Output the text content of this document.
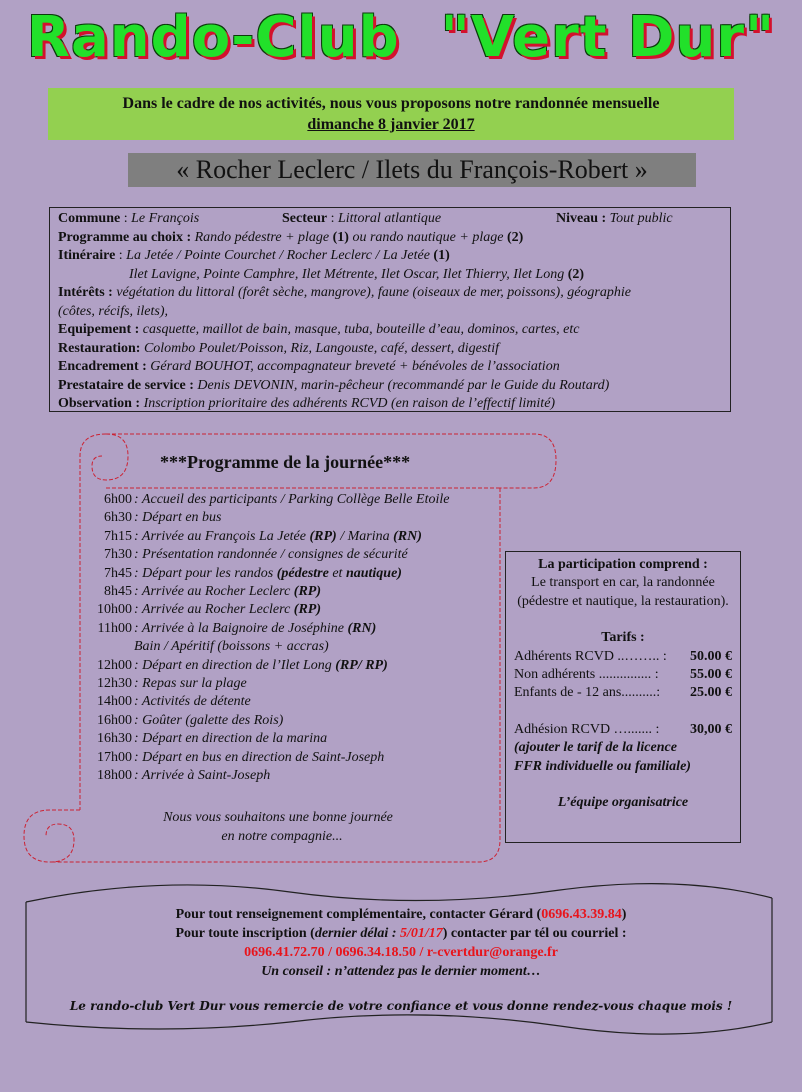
Rando-Club  "Vert Dur"
Dans le cadre de nos activités, nous vous proposons notre randonnée mensuelle
dimanche 8 janvier 2017
« Rocher Leclerc / Ilets du François-Robert »
Commune : Le François	Secteur : Littoral atlantique	Niveau : Tout public
Programme au choix : Rando pédestre + plage (1) ou rando nautique + plage (2)
Itinéraire : La Jetée / Pointe Courchet / Rocher Leclerc / La Jetée (1)
Ilet Lavigne, Pointe Camphre, Ilet Métrente, Ilet Oscar, Ilet Thierry, Ilet Long (2)
Intérêts : végétation du littoral (forêt sèche, mangrove), faune (oiseaux de mer, poissons), géographie
(côtes, récifs, ilets),
Equipement : casquette, maillot de bain, masque, tuba, bouteille d’eau, dominos, cartes, etc
Restauration: Colombo Poulet/Poisson, Riz, Langouste, café, dessert, digestif
Encadrement : Gérard BOUHOT, accompagnateur breveté + bénévoles de l’association
Prestataire de service : Denis DEVONIN, marin-pêcheur (recommandé par le Guide du Routard)
Observation : Inscription prioritaire des adhérents RCVD (en raison de l’effectif limité)
***Programme de la journée***
6h00 : Accueil des participants / Parking Collège Belle Etoile
6h30 : Départ en bus
7h15 : Arrivée au François La Jetée (RP) / Marina (RN)
7h30 : Présentation randonnée / consignes de sécurité
7h45 : Départ pour les randos (pédestre et nautique)
8h45 : Arrivée au Rocher Leclerc (RP)
10h00 : Arrivée au Rocher Leclerc (RP)
11h00 : Arrivée à la Baignoire de Joséphine (RN)
Bain / Apéritif (boissons + accras)
12h00 : Départ en direction de l’Ilet Long (RP/ RP)
12h30 : Repas sur la plage
14h00 : Activités de détente
16h00 : Goûter (galette des Rois)
16h30 : Départ en direction de la marina
17h00 : Départ en bus en direction de Saint-Joseph
18h00 : Arrivée à Saint-Joseph
Nous vous souhaitons une bonne journée
en notre compagnie...
La participation comprend :
Le transport en car, la randonnée (pédestre et nautique, la restauration).
Tarifs :
Adhérents RCVD ..…….. : 50.00 €
Non adhérents ............... : 55.00 €
Enfants de - 12 ans..........: 25.00 €
Adhésion RCVD …....... : 30,00 €
(ajouter le tarif de la licence
FFR individuelle ou familiale)
L’équipe organisatrice
Pour tout renseignement complémentaire, contacter Gérard (0696.43.39.84)
Pour toute inscription (dernier délai : 5/01/17) contacter par tél ou courriel :
0696.41.72.70 / 0696.34.18.50 / r-cvertdur@orange.fr
Un conseil : n’attendez pas le dernier moment…
Le rando-club Vert Dur vous remercie de votre confiance et vous donne rendez-vous chaque mois !
